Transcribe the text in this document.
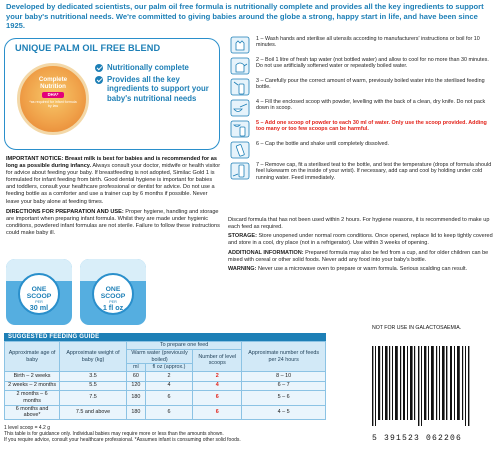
Developed by dedicated scientists, our palm oil free formula is nutritionally complete and provides all the key ingredients to support your baby's nutritional needs. We're committed to giving babies around the globe a strong, happy start in life, and have been since 1925.
UNIQUE PALM OIL FREE BLEND
Complete
Nutrition
DHA*
*as required for infant formula by law
Nutritionally complete
Provides all the key ingredients to support your baby's nutritional needs

IMPORTANT NOTICE: Breast milk is best for babies and is recommended for as long as possible during infancy. Always consult your doctor, midwife or health visitor for advice about feeding your baby. If breastfeeding is not adopted, Similac Gold 1 is formulated for infant feeding from birth. Good dental hygiene is important for babies and toddlers, consult your healthcare professional or dentist for advice. Do not use a feeding bottle as a comforter and use a trainer cup by 6 months if possible. Never leave your baby alone at feeding times.

DIRECTIONS FOR PREPARATION AND USE: Proper hygiene, handling and storage are important when preparing infant formula. Whilst they are made under hygienic conditions, powdered infant formulas are not sterile. Failure to follow these instructions could make baby ill.

ONE
SCOOP
PER
30 ml
ONE
SCOOP
PER
1 fl oz
SUGGESTED FEEDING GUIDE
Approximate age of baby	Approximate weight of baby (kg)	To prepare one feed			Approximate number of feeds per 24 hours
		Warm water (previously boiled)		Number of level scoops	
		ml	fl oz (approx.)		
Birth – 2 weeks	3.5	60	2	2	8 – 10
2 weeks – 2 months	5.5	120	4	4	6 – 7
2 months – 6 months	7.5	180	6	6	5 – 6
6 months and above*	7.5 and above	180	6	6	4 – 5
1 level scoop = 4.2 g
This table is for guidance only. Individual babies may require more or less than the amounts shown.
If you require advice, consult your healthcare professional. *Assumes infant is consuming other solid foods.
1 – Wash hands and sterilise all utensils according to manufacturers' instructions or boil for 10 minutes.
2 – Boil 1 litre of fresh tap water (not bottled water) and allow to cool for no more than 30 minutes. Do not use artificially softened water or repeatedly boiled water.
3 – Carefully pour the correct amount of warm, previously boiled water into the sterilised feeding bottle.
4 – Fill the enclosed scoop with powder, levelling with the back of a clean, dry knife. Do not pack down in scoop.
5 – Add one scoop of powder to each 30 ml of water. Only use the scoop provided. Adding too many or too few scoops can be harmful.
6 – Cap the bottle and shake until completely dissolved.
7 – Remove cap, fit a sterilised teat to the bottle, and test the temperature (drops of formula should feel lukewarm on the inside of your wrist). If necessary, add cap and cool by holding under cold running water. Feed immediately.

Discard formula that has not been used within 2 hours. For hygiene reasons, it is recommended to make up each feed as required.

STORAGE: Store unopened under normal room conditions. Once opened, replace lid to keep tightly covered and store in a cool, dry place (not in a refrigerator). Use within 3 weeks of opening.

ADDITIONAL INFORMATION: Prepared formula may also be fed from a cup, and for older children can be mixed with cereal or other solid foods. Never add any food into your baby's bottle.

WARNING: Never use a microwave oven to prepare or warm formula. Serious scalding can result.

NOT FOR USE IN GALACTOSAEMIA.
5 391523 062206
